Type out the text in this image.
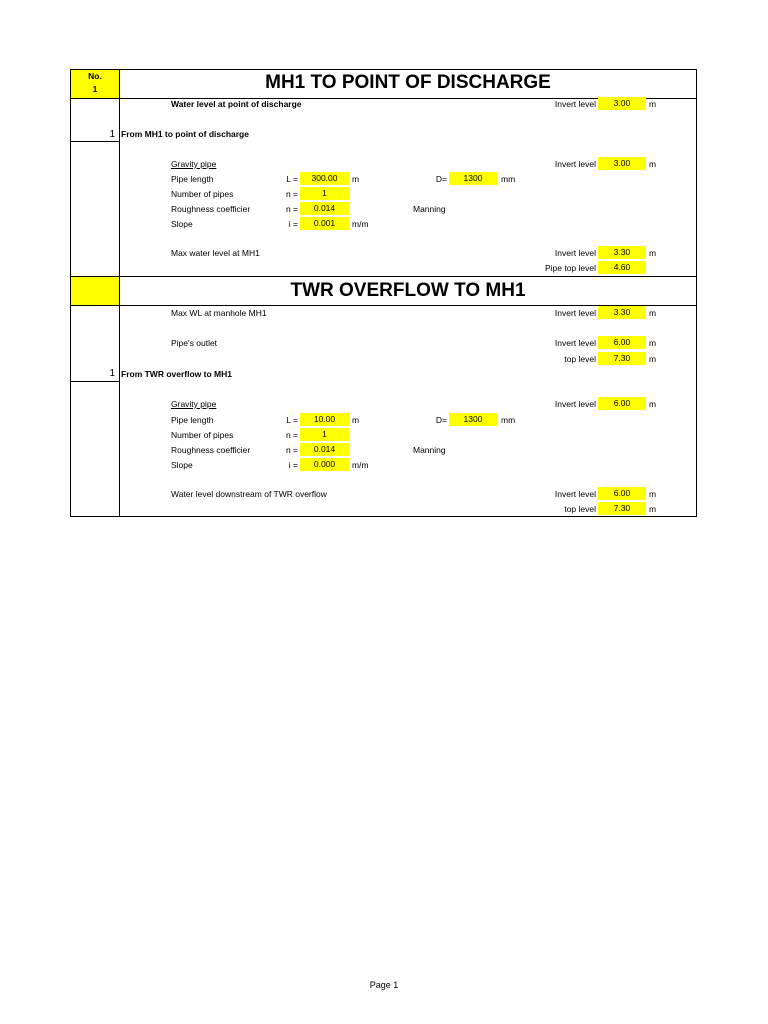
No.
1	MH1 TO POINT OF DISCHARGE
Water level at point of discharge	Invert level	3.00	m
1 From MH1 to point of discharge
Gravity pipe	Invert level	3.00	m
Pipe length	L =	300.00	m	D=	1300	mm
Number of pipes	n =	1
Roughness coefficier	n =	0.014	Manning
Slope	i =	0.001	m/m
Max water level at MH1	Invert level	3.30	m
Pipe top level	4.60
TWR OVERFLOW TO MH1
Max WL at manhole MH1	Invert level	3.30	m
Pipe's outlet	Invert level	6.00	m
top level	7.30	m
1 From TWR overflow to MH1
Gravity pipe	Invert level	6.00	m
Pipe length	L =	10.00	m	D=	1300	mm
Number of pipes	n =	1
Roughness coefficier	n =	0.014	Manning
Slope	i =	0.000	m/m
Water level downstream of TWR overflow	Invert level	6.00	m
top level	7.30	m
Page 1
